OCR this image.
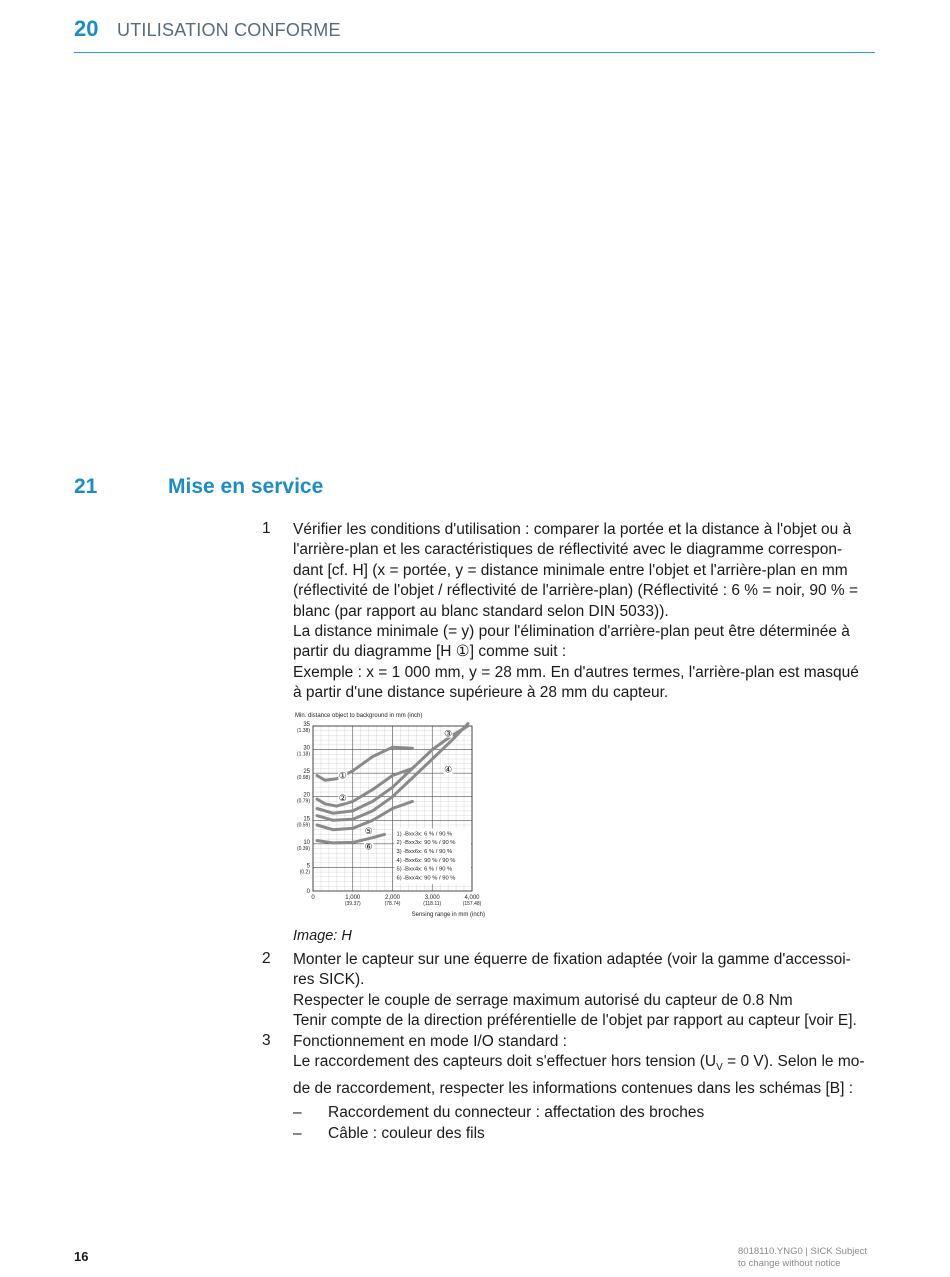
20 UTILISATION CONFORME
21	Mise en service
1 Vérifier les conditions d'utilisation : comparer la portée et la distance à l'objet ou à

l'arrière-plan et les caractéristiques de réflectivité avec le diagramme correspon-

dant [cf. H] (x = portée, y = distance minimale entre l'objet et l'arrière-plan en mm

(réflectivité de l'objet / réflectivité de l'arrière-plan) (Réflectivité : 6 % = noir, 90 % =

blanc (par rapport au blanc standard selon DIN 5033)).

La distance minimale (= y) pour l'élimination d'arrière-plan peut être déterminée à

partir du diagramme [H ①] comme suit :

Exemple : x = 1 000 mm, y = 28 mm. En d'autres termes, l'arrière-plan est masqué

à partir d'une distance supérieure à 28 mm du capteur.

Min. distance object to background in mm (inch)
Sensing range in mm (inch)
0
5
(0.2)
10
(0.39)
15
(0.59)
20
(0.79)
25
(0.98)
30
(1.18)
35
(1.38)
0	1,000
(39.37)
2,000
(78.74)
3,000
(118.11)
4,000
(157.48)
①
②
③
④
⑤
⑥
1) -Bxx3x: 6 % / 90 %
2) -Bxx3x: 90 % / 90 %
3) -Bxx6x: 6 % / 90 %
4) -Bxx6x: 90 % / 90 %
5) -Bxx4x: 6 % / 90 %
6) -Bxx4x: 90 % / 90 %
Image: H
2 Monter le capteur sur une équerre de fixation adaptée (voir la gamme d'accessoi-

res SICK).

Respecter le couple de serrage maximum autorisé du capteur de 0.8 Nm

Tenir compte de la direction préférentielle de l'objet par rapport au capteur [voir E].

3 Fonctionnement en mode I/O standard :

Le raccordement des capteurs doit s'effectuer hors tension ($U_V = 0$ V). Selon le mo-

de de raccordement, respecter les informations contenues dans les schémas [B] :

– Raccordement du connecteur : affectation des broches
– Câble : couleur des fils
16	8018110.YNG0 | SICK Subject
to change without notice
